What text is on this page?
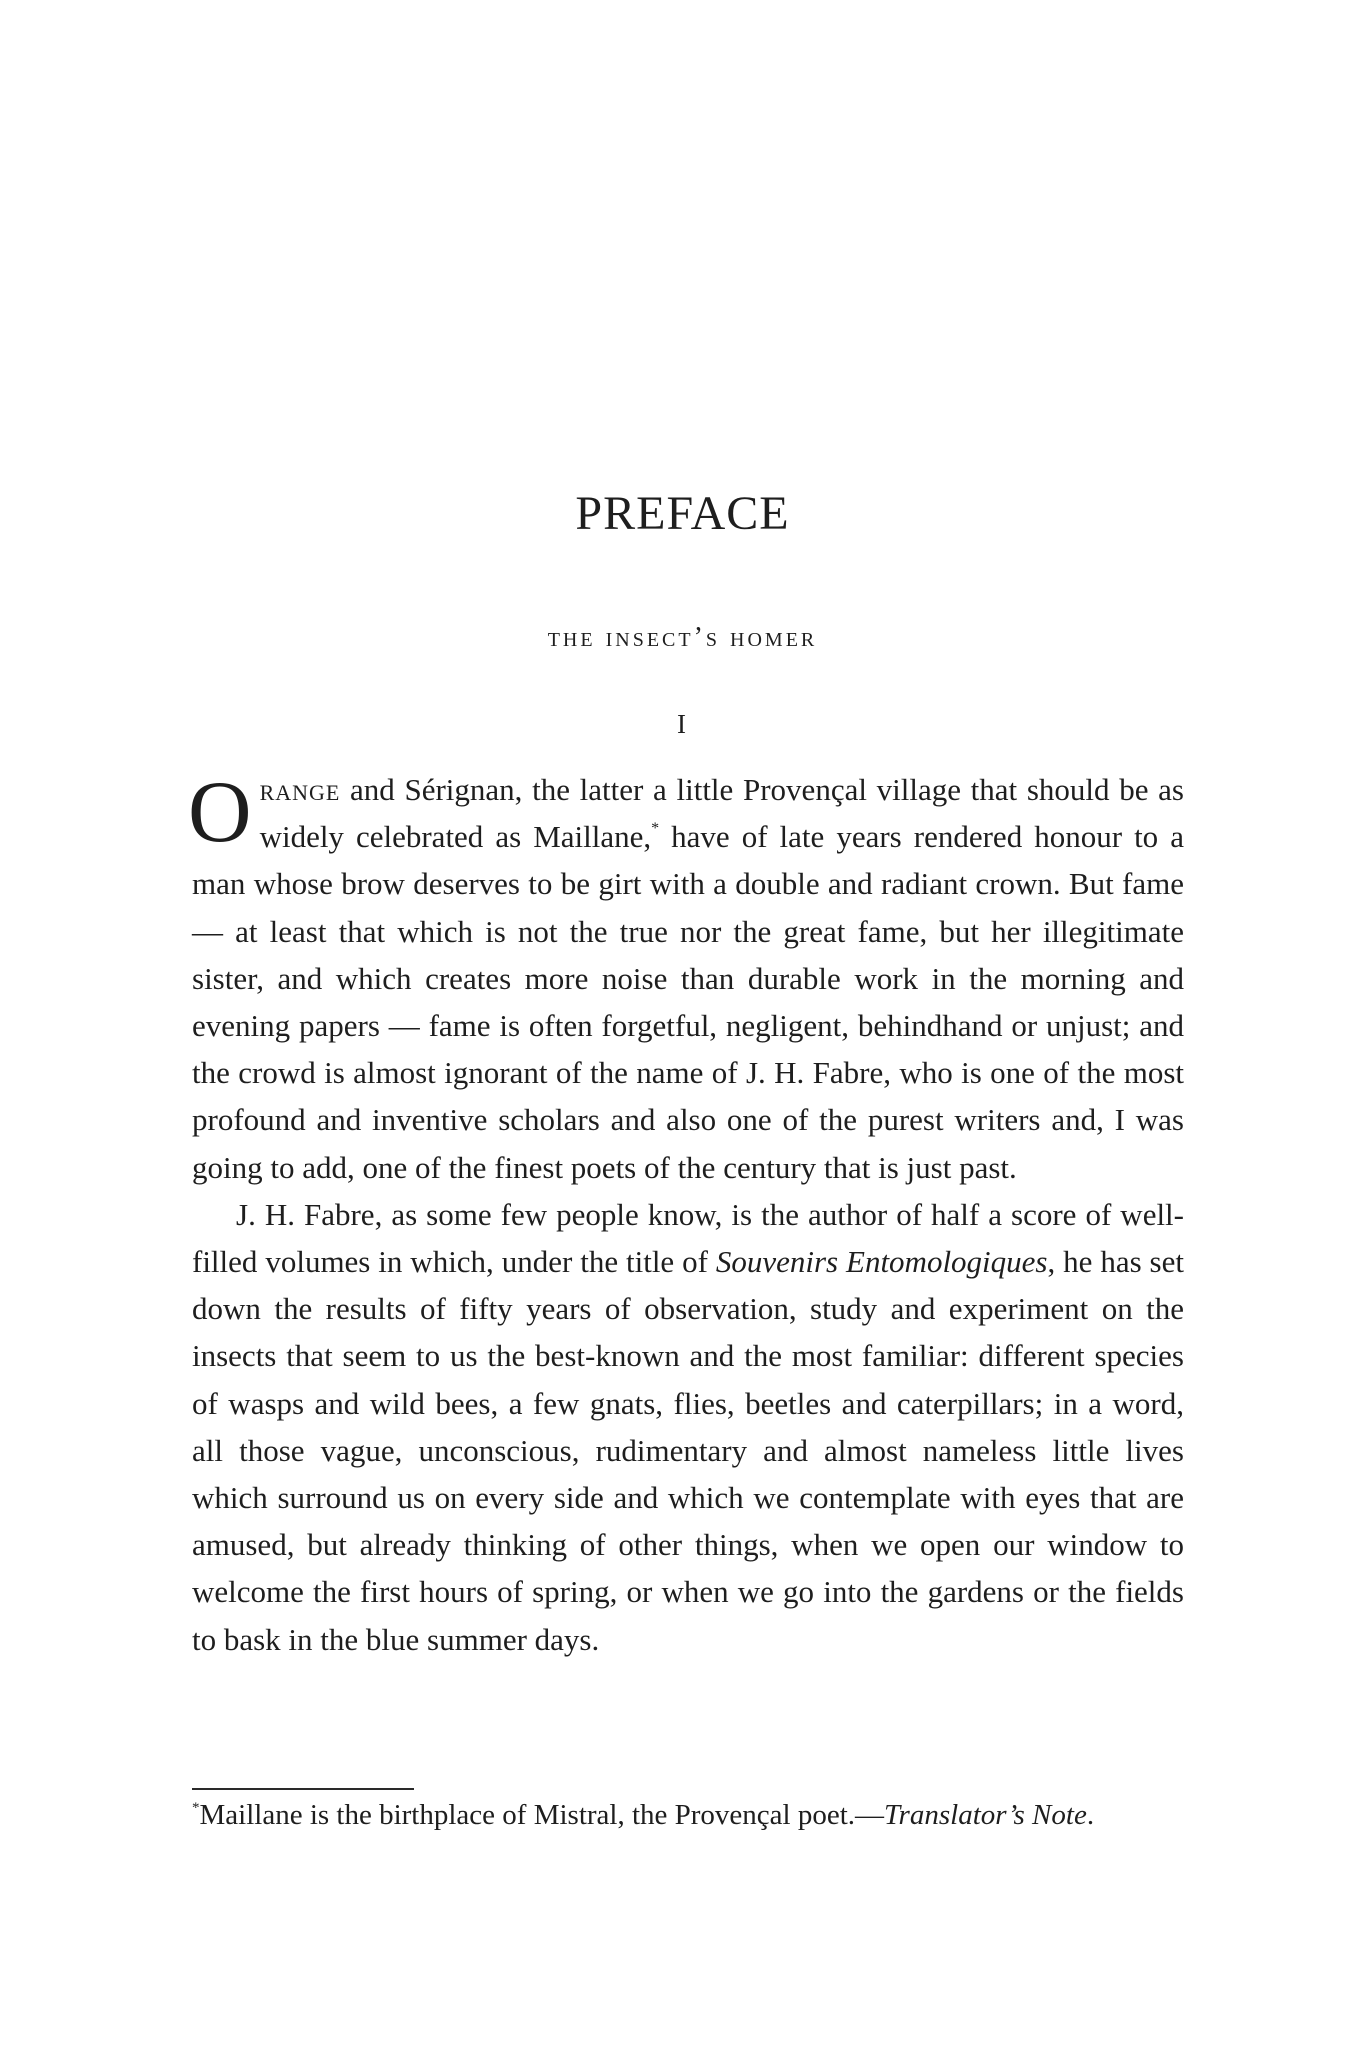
PREFACE
the insect’s homer
I

Orange and Sérignan, the latter a little Provençal village that should be as widely celebrated as Maillane,* have of late years rendered honour to a man whose brow deserves to be girt with a double and radiant crown. But fame — at least that which is not the true nor the great fame, but her illegitimate sister, and which creates more noise than durable work in the morning and evening papers — fame is often forgetful, negligent, behindhand or unjust; and the crowd is almost ignorant of the name of J. H. Fabre, who is one of the most profound and inventive scholars and also one of the purest writers and, I was going to add, one of the finest poets of the century that is just past.

J. H. Fabre, as some few people know, is the author of half a score of well-filled volumes in which, under the title of Souvenirs Entomologiques, he has set down the results of fifty years of observation, study and experiment on the insects that seem to us the best-known and the most familiar: different species of wasps and wild bees, a few gnats, flies, beetles and caterpillars; in a word, all those vague, unconscious, rudimentary and almost nameless little lives which surround us on every side and which we contemplate with eyes that are amused, but already thinking of other things, when we open our window to welcome the first hours of spring, or when we go into the gardens or the fields to bask in the blue summer days.

*Maillane is the birthplace of Mistral, the Provençal poet.—Translator’s Note.
